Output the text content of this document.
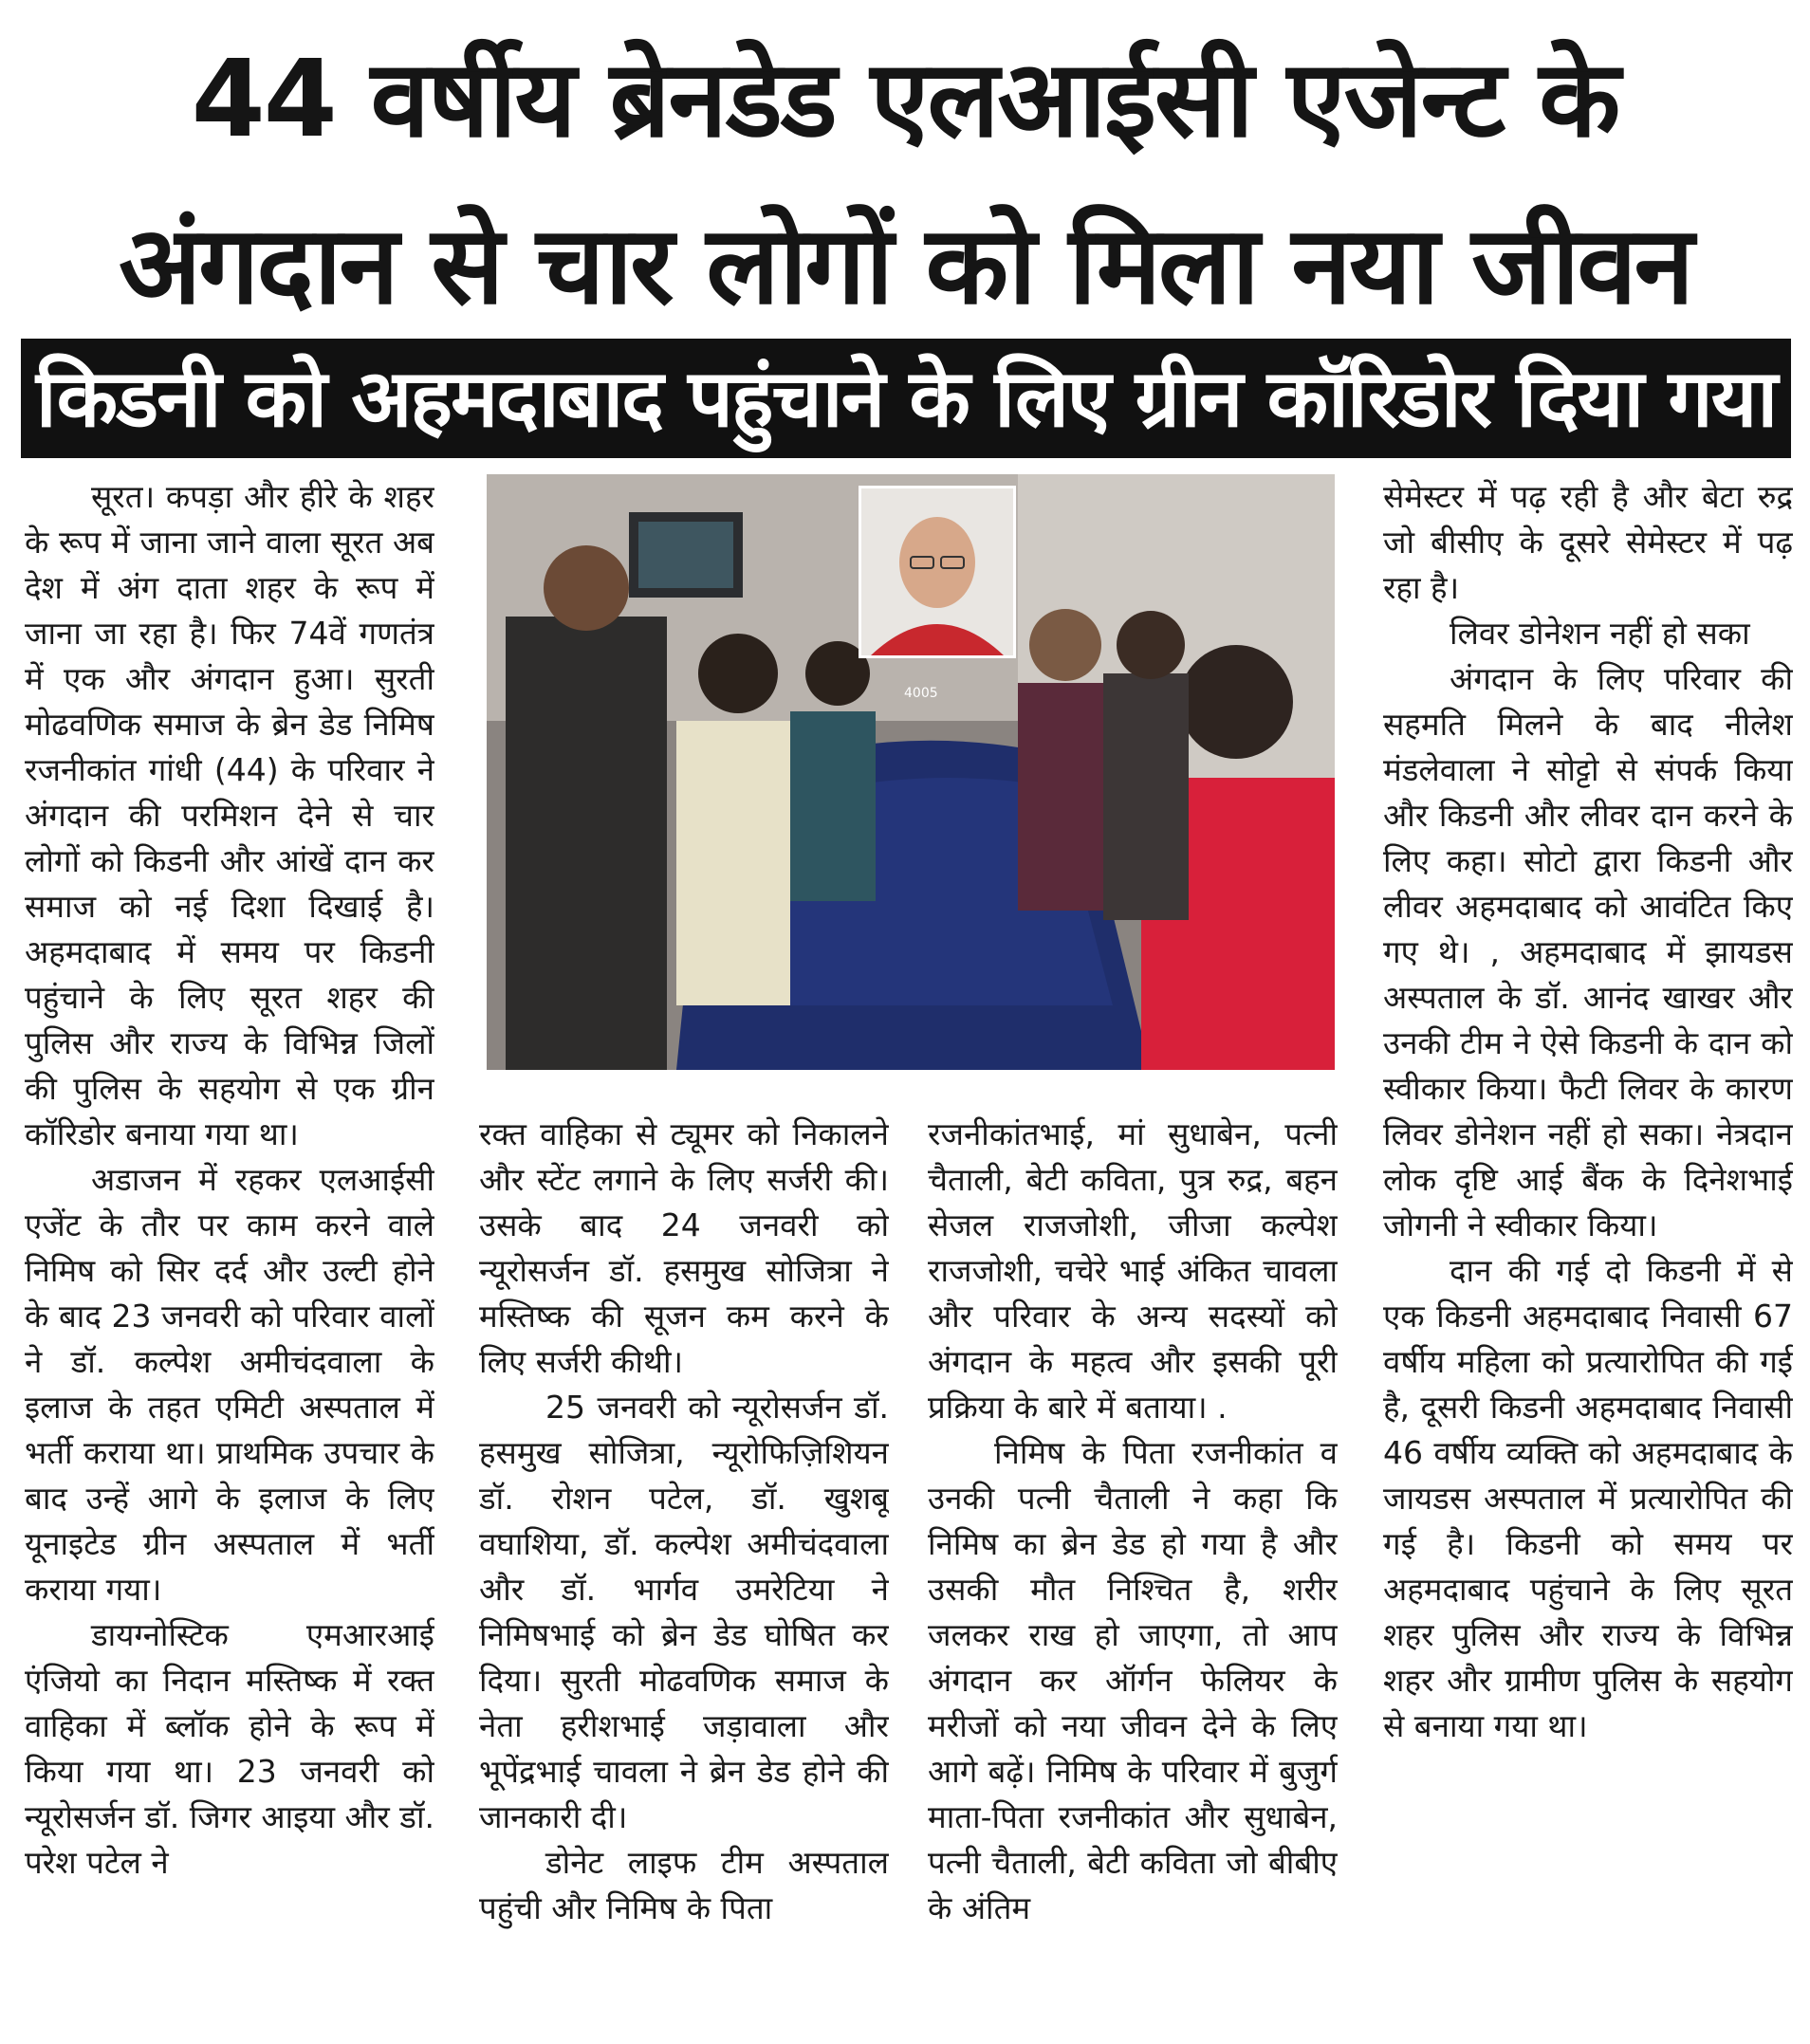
44 वर्षीय ब्रेनडेड एलआईसी एजेन्ट के
अंगदान से चार लोगों को मिला नया जीवन
किडनी को अहमदाबाद पहुंचाने के लिए ग्रीन कॉरिडोर दिया गया

सूरत। कपड़ा और हीरे के शहर के रूप में जाना जाने वाला सूरत अब देश में अंग दाता शहर के रूप में जाना जा रहा है। फिर 74वें गणतंत्र में एक और अंगदान हुआ। सुरती मोढवणिक समाज के ब्रेन डेड निमिष रजनीकांत गांधी (44) के परिवार ने अंगदान की परमिशन देने से चार लोगों को किडनी और आंखें दान कर समाज को नई दिशा दिखाई है। अहमदाबाद में समय पर किडनी पहुंचाने के लिए सूरत शहर की पुलिस और राज्य के विभिन्न जिलों की पुलिस के सहयोग से एक ग्रीन कॉरिडोर बनाया गया था।

अडाजन में रहकर एलआईसी एजेंट के तौर पर काम करने वाले निमिष को सिर दर्द और उल्टी होने के बाद 23 जनवरी को परिवार वालों ने डॉ. कल्पेश अमीचंदवाला के इलाज के तहत एमिटी अस्पताल में भर्ती कराया था। प्राथमिक उपचार के बाद उन्हें आगे के इलाज के लिए यूनाइटेड ग्रीन अस्पताल में भर्ती कराया गया।

डायग्नोस्टिक एमआरआई एंजियो का निदान मस्तिष्क में रक्त वाहिका में ब्लॉक होने के रूप में किया गया था। 23 जनवरी को न्यूरोसर्जन डॉ. जिगर आइया और डॉ. परेश पटेल ने

4005

रक्त वाहिका से ट्यूमर को निकालने और स्टेंट लगाने के लिए सर्जरी की। उसके बाद 24 जनवरी को न्यूरोसर्जन डॉ. हसमुख सोजित्रा ने मस्तिष्क की सूजन कम करने के लिए सर्जरी कीथी।

25 जनवरी को न्यूरोसर्जन डॉ. हसमुख सोजित्रा, न्यूरोफिज़िशियन डॉ. रोशन पटेल, डॉ. खुशबू वघाशिया, डॉ. कल्पेश अमीचंदवाला और डॉ. भार्गव उमरेटिया ने निमिषभाई को ब्रेन डेड घोषित कर दिया। सुरती मोढवणिक समाज के नेता हरीशभाई जड़ावाला और भूपेंद्रभाई चावला ने ब्रेन डेड होने की जानकारी दी।

डोनेट लाइफ टीम अस्पताल पहुंची और निमिष के पिता

रजनीकांतभाई, मां सुधाबेन, पत्नी चैताली, बेटी कविता, पुत्र रुद्र, बहन सेजल राजजोशी, जीजा कल्पेश राजजोशी, चचेरे भाई अंकित चावला और परिवार के अन्य सदस्यों को अंगदान के महत्व और इसकी पूरी प्रक्रिया के बारे में बताया। .

निमिष के पिता रजनीकांत व उनकी पत्नी चैताली ने कहा कि निमिष का ब्रेन डेड हो गया है और उसकी मौत निश्चित है, शरीर जलकर राख हो जाएगा, तो आप अंगदान कर ऑर्गन फेलियर के मरीजों को नया जीवन देने के लिए आगे बढ़ें। निमिष के परिवार में बुजुर्ग माता-पिता रजनीकांत और सुधाबेन, पत्नी चैताली, बेटी कविता जो बीबीए के अंतिम

सेमेस्टर में पढ़ रही है और बेटा रुद्र जो बीसीए के दूसरे सेमेस्टर में पढ़ रहा है।

लिवर डोनेशन नहीं हो सका

अंगदान के लिए परिवार की सहमति मिलने के बाद नीलेश मंडलेवाला ने सोट्टो से संपर्क किया और किडनी और लीवर दान करने के लिए कहा। सोटो द्वारा किडनी और लीवर अहमदाबाद को आवंटित किए गए थे। , अहमदाबाद में झायडस अस्पताल के डॉ. आनंद खाखर और उनकी टीम ने ऐसे किडनी के दान को स्वीकार किया। फैटी लिवर के कारण लिवर डोनेशन नहीं हो सका। नेत्रदान लोक दृष्टि आई बैंक के दिनेशभाई जोगनी ने स्वीकार किया।

दान की गई दो किडनी में से एक किडनी अहमदाबाद निवासी 67 वर्षीय महिला को प्रत्यारोपित की गई है, दूसरी किडनी अहमदाबाद निवासी 46 वर्षीय व्यक्ति को अहमदाबाद के जायडस अस्पताल में प्रत्यारोपित की गई है। किडनी को समय पर अहमदाबाद पहुंचाने के लिए सूरत शहर पुलिस और राज्य के विभिन्न शहर और ग्रामीण पुलिस के सहयोग से बनाया गया था।
